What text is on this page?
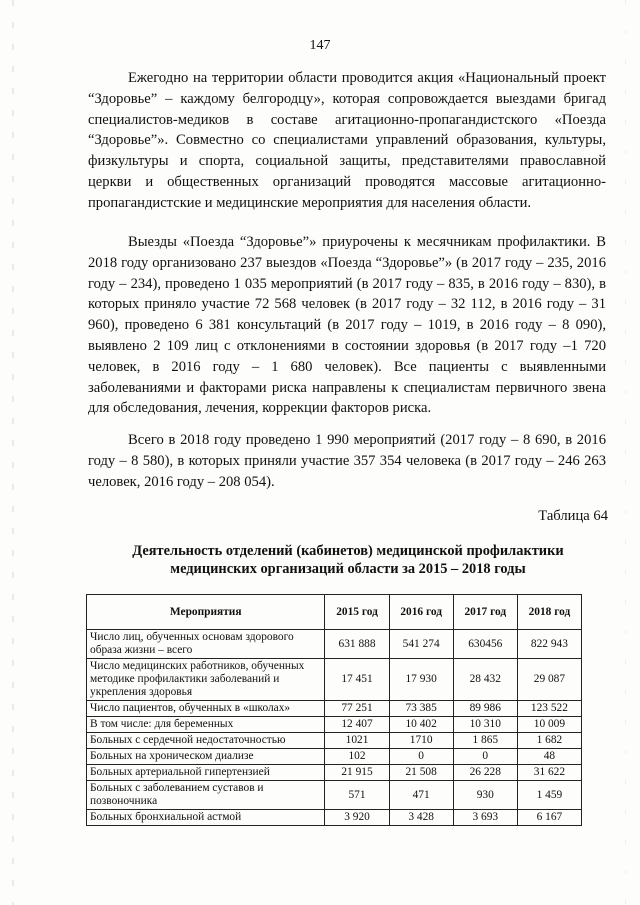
147

Ежегодно на территории области проводится акция «Национальный проект “Здоровье” – каждому белгородцу», которая сопровождается выездами бригад специалистов-медиков в составе агитационно-пропагандистского «Поезда “Здоровье”». Совместно со специалистами управлений образования, культуры, физкультуры и спорта, социальной защиты, представителями православной церкви и общественных организаций проводятся массовые агитационно-пропагандистские и медицинские мероприятия для населения области.

Выезды «Поезда “Здоровье”» приурочены к месячникам профилактики. В 2018 году организовано 237 выездов «Поезда “Здоровье”» (в 2017 году – 235, 2016 году – 234), проведено 1 035 мероприятий (в 2017 году – 835, в 2016 году – 830), в которых приняло участие 72 568 человек (в 2017 году – 32 112, в 2016 году – 31 960), проведено 6 381 консультаций (в 2017 году – 1019, в 2016 году – 8 090), выявлено 2 109 лиц с отклонениями в состоянии здоровья (в 2017 году –1 720 человек, в 2016 году – 1 680 человек). Все пациенты с выявленными заболеваниями и факторами риска направлены к специалистам первичного звена для обследования, лечения, коррекции факторов риска.

Всего в 2018 году проведено 1 990 мероприятий (2017 году – 8 690, в 2016 году – 8 580), в которых приняли участие 357 354 человека (в 2017 году – 246 263 человек, 2016 году – 208 054).

Таблица 64
Деятельность отделений (кабинетов) медицинской профилактики медицинских организаций области за 2015 – 2018 годы
Мероприятия	2015 год	2016 год	2017 год	2018 год
Число лиц, обученных основам здорового образа жизни – всего	631 888	541 274	630456	822 943
Число медицинских работников, обученных методике профилактики заболеваний и укрепления здоровья	17 451	17 930	28 432	29 087
Число пациентов, обученных в «школах»	77 251	73 385	89 986	123 522
В том числе: для беременных	12 407	10 402	10 310	10 009
Больных с сердечной недостаточностью	1021	1710	1 865	1 682
Больных на хроническом диализе	102	0	0	48
Больных артериальной гипертензией	21 915	21 508	26 228	31 622
Больных с заболеванием суставов и позвоночника	571	471	930	1 459
Больных бронхиальной астмой	3 920	3 428	3 693	6 167
